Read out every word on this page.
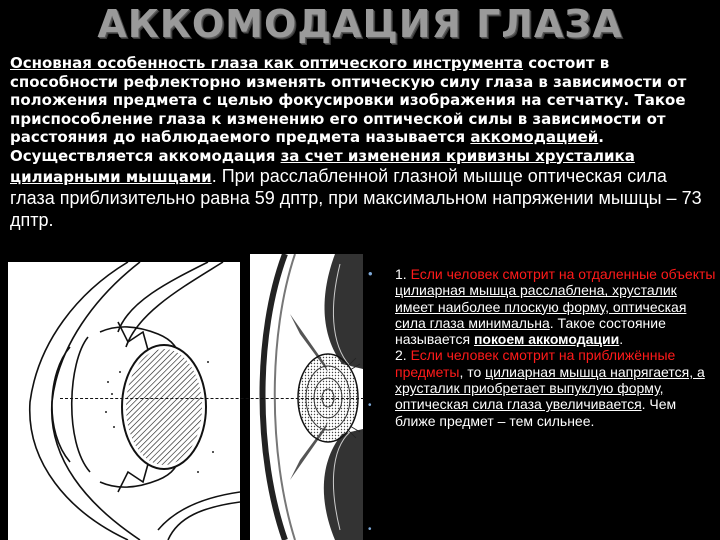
АККОМОДАЦИЯ ГЛАЗА
Основная особенность глаза как оптического инструмента состоит в способности рефлекторно изменять оптическую силу глаза в зависимости от положения предмета с целью фокусировки изображения на сетчатку. Такое приспособление глаза к изменению его оптической силы в зависимости от расстояния до наблюдаемого предмета называется аккомодацией. Осуществляется аккомодация за счет изменения кривизны хрусталика цилиарными мышцами. При расслабленной глазной мышце оптическая сила глаза приблизительно равна 59 дптр, при максимальном напряжении мышцы – 73 дптр.
• 1. Если человек смотрит на отдаленные объекты цилиарная мышца расслаблена, хрусталик имеет наиболее плоскую форму, оптическая сила глаза минимальна. Такое состояние называется покоем аккомодации.
2. Если человек смотрит на приближённые предметы, то цилиарная мышца напрягается, а хрусталик приобретает выпуклую форму, оптическая сила глаза увеличивается. Чем ближе предмет – тем сильнее.
•
•
